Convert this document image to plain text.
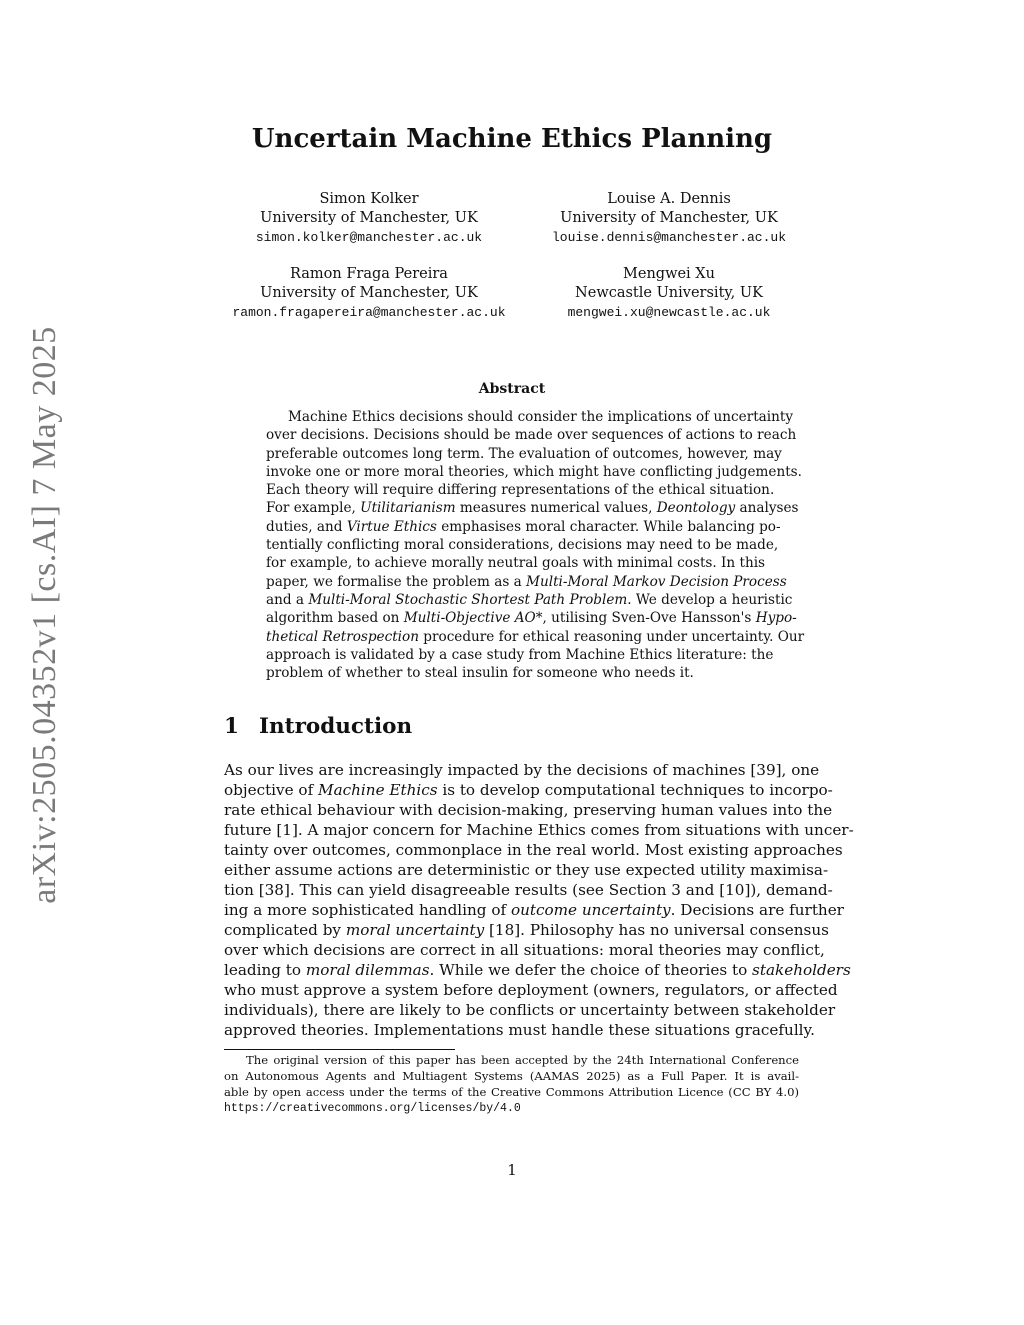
arXiv:2505.04352v1 [cs.AI] 7 May 2025
Uncertain Machine Ethics Planning
Simon Kolker
University of Manchester, UK
simon.kolker@manchester.ac.uk
Louise A. Dennis
University of Manchester, UK
louise.dennis@manchester.ac.uk
Ramon Fraga Pereira
University of Manchester, UK
ramon.fragapereira@manchester.ac.uk
Mengwei Xu
Newcastle University, UK
mengwei.xu@newcastle.ac.uk
Abstract
Machine Ethics decisions should consider the implications of uncertainty
over decisions. Decisions should be made over sequences of actions to reach
preferable outcomes long term. The evaluation of outcomes, however, may
invoke one or more moral theories, which might have conflicting judgements.
Each theory will require differing representations of the ethical situation.
For example, Utilitarianism measures numerical values, Deontology analyses
duties, and Virtue Ethics emphasises moral character. While balancing po-
tentially conflicting moral considerations, decisions may need to be made,
for example, to achieve morally neutral goals with minimal costs. In this
paper, we formalise the problem as a Multi-Moral Markov Decision Process
and a Multi-Moral Stochastic Shortest Path Problem. We develop a heuristic
algorithm based on Multi-Objective AO*, utilising Sven-Ove Hansson's Hypo-
thetical Retrospection procedure for ethical reasoning under uncertainty. Our
approach is validated by a case study from Machine Ethics literature: the
problem of whether to steal insulin for someone who needs it.
1 Introduction
As our lives are increasingly impacted by the decisions of machines [39], one
objective of Machine Ethics is to develop computational techniques to incorpo-
rate ethical behaviour with decision-making, preserving human values into the
future [1]. A major concern for Machine Ethics comes from situations with uncer-
tainty over outcomes, commonplace in the real world. Most existing approaches
either assume actions are deterministic or they use expected utility maximisa-
tion [38]. This can yield disagreeable results (see Section 3 and [10]), demand-
ing a more sophisticated handling of outcome uncertainty. Decisions are further
complicated by moral uncertainty [18]. Philosophy has no universal consensus
over which decisions are correct in all situations: moral theories may conflict,
leading to moral dilemmas. While we defer the choice of theories to stakeholders
who must approve a system before deployment (owners, regulators, or affected
individuals), there are likely to be conflicts or uncertainty between stakeholder
approved theories. Implementations must handle these situations gracefully.
The original version of this paper has been accepted by the 24th International Conference
on Autonomous Agents and Multiagent Systems (AAMAS 2025) as a Full Paper. It is avail-
able by open access under the terms of the Creative Commons Attribution Licence (CC BY 4.0)
https://creativecommons.org/licenses/by/4.0
1
